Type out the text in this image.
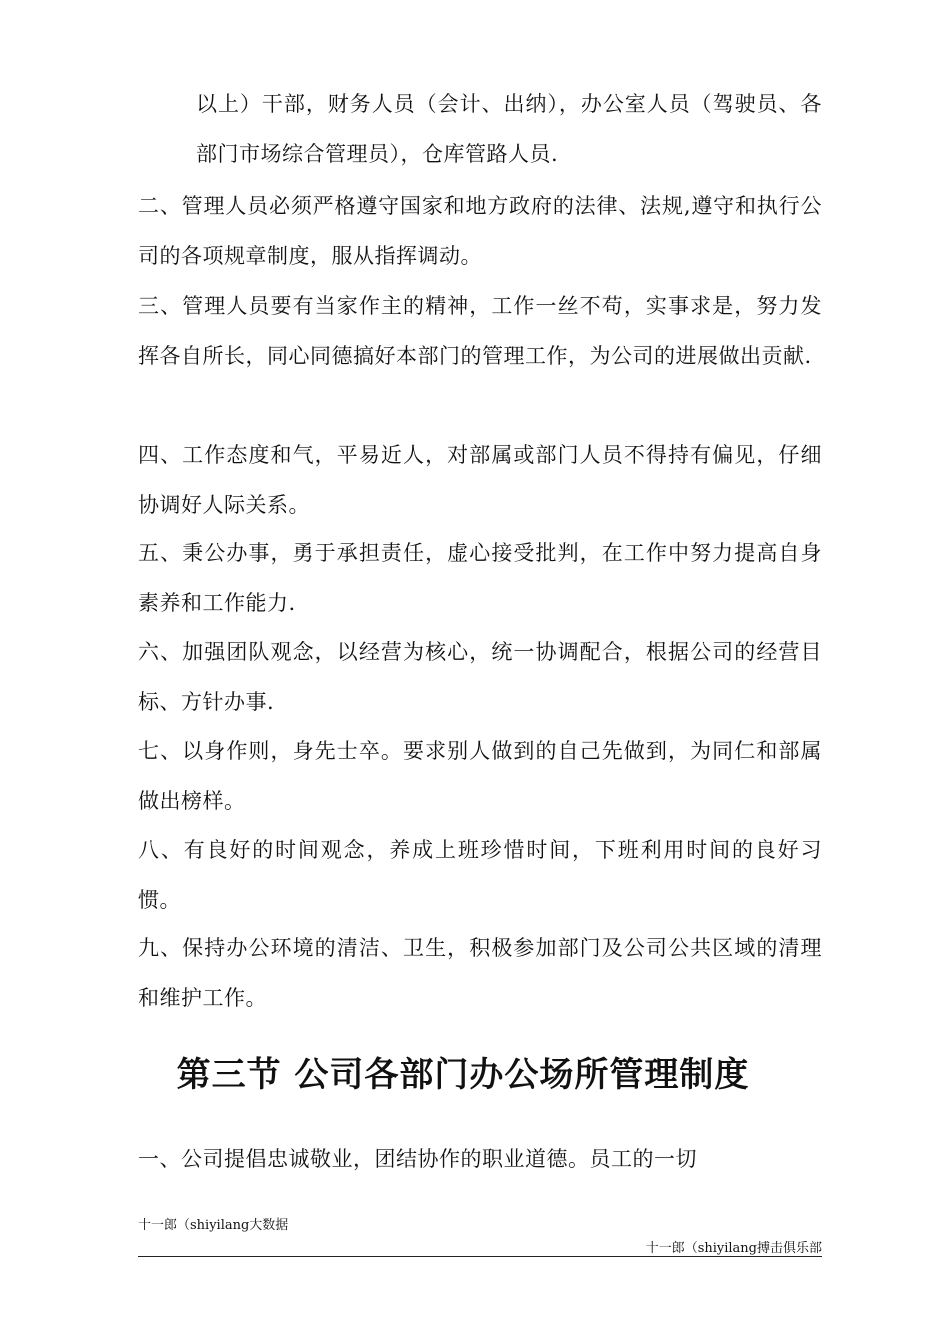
以上）干部，财务人员（会计、出纳），办公室人员（驾驶员、各部门市场综合管理员），仓库管路人员.

二、管理人员必须严格遵守国家和地方政府的法律、法规,遵守和执行公司的各项规章制度，服从指挥调动。

三、管理人员要有当家作主的精神，工作一丝不苟，实事求是，努力发挥各自所长，同心同德搞好本部门的管理工作，为公司的进展做出贡献.

四、工作态度和气，平易近人，对部属或部门人员不得持有偏见，仔细协调好人际关系。

五、秉公办事，勇于承担责任，虚心接受批判，在工作中努力提高自身素养和工作能力.

六、加强团队观念，以经营为核心，统一协调配合，根据公司的经营目标、方针办事.

七、以身作则，身先士卒。要求别人做到的自己先做到，为同仁和部属做出榜样。

八、有良好的时间观念，养成上班珍惜时间，下班利用时间的良好习惯。

九、保持办公环境的清洁、卫生，积极参加部门及公司公共区域的清理和维护工作。

第三节 公司各部门办公场所管理制度

一、公司提倡忠诚敬业，团结协作的职业道德。员工的一切

十一郎（shiyilang大数据
十一郎（shiyilang搏击俱乐部
